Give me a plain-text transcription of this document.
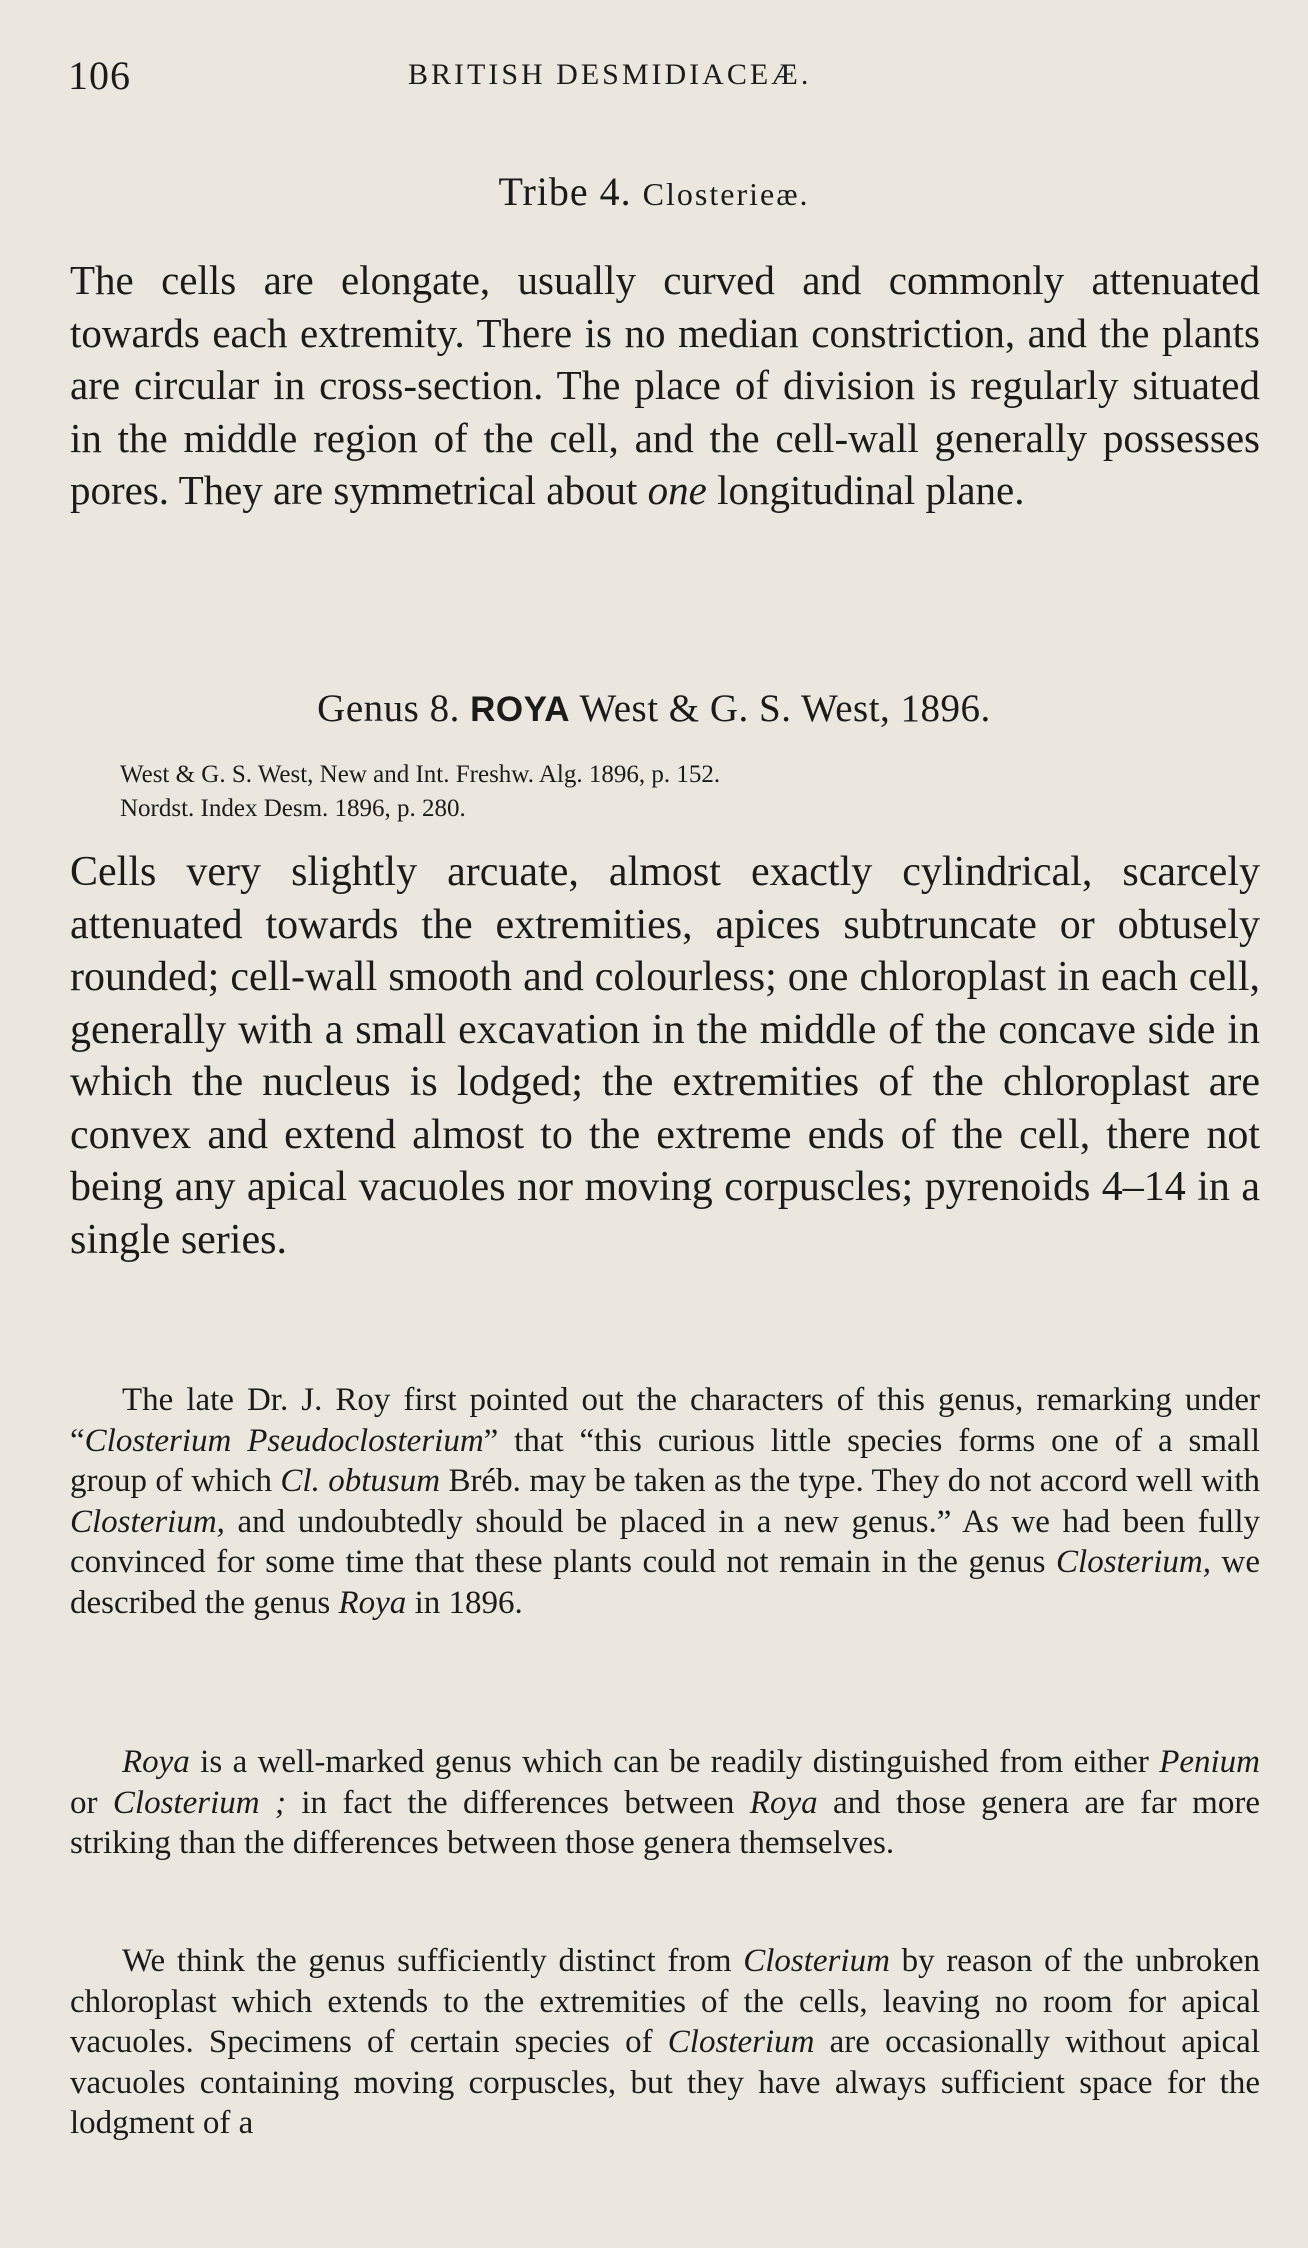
106	BRITISH DESMIDIACEÆ.
Tribe 4. Closterieæ.

The cells are elongate, usually curved and commonly attenuated towards each extremity. There is no median constriction, and the plants are circular in cross-section. The place of division is regularly situated in the middle region of the cell, and the cell-wall generally possesses pores. They are symmetrical about one longitudinal plane.

Genus 8. ROYA West & G. S. West, 1896.
West & G. S. West, New and Int. Freshw. Alg. 1896, p. 152.
Nordst. Index Desm. 1896, p. 280.

Cells very slightly arcuate, almost exactly cylindrical, scarcely attenuated towards the extremities, apices subtruncate or obtusely rounded; cell-wall smooth and colourless; one chloroplast in each cell, generally with a small excavation in the middle of the concave side in which the nucleus is lodged; the extremities of the chloroplast are convex and extend almost to the extreme ends of the cell, there not being any apical vacuoles nor moving corpuscles; pyrenoids 4–14 in a single series.

The late Dr. J. Roy first pointed out the characters of this genus, remarking under “Closterium Pseudoclosterium” that “this curious little species forms one of a small group of which Cl. obtusum Bréb. may be taken as the type. They do not accord well with Closterium, and undoubtedly should be placed in a new genus.” As we had been fully convinced for some time that these plants could not remain in the genus Closterium, we described the genus Roya in 1896.

Roya is a well-marked genus which can be readily distinguished from either Penium or Closterium ; in fact the differences between Roya and those genera are far more striking than the differences between those genera themselves.

We think the genus sufficiently distinct from Closterium by reason of the unbroken chloroplast which extends to the extremities of the cells, leaving no room for apical vacuoles. Specimens of certain species of Closterium are occasionally without apical vacuoles containing moving corpuscles, but they have always sufficient space for the lodgment of a
